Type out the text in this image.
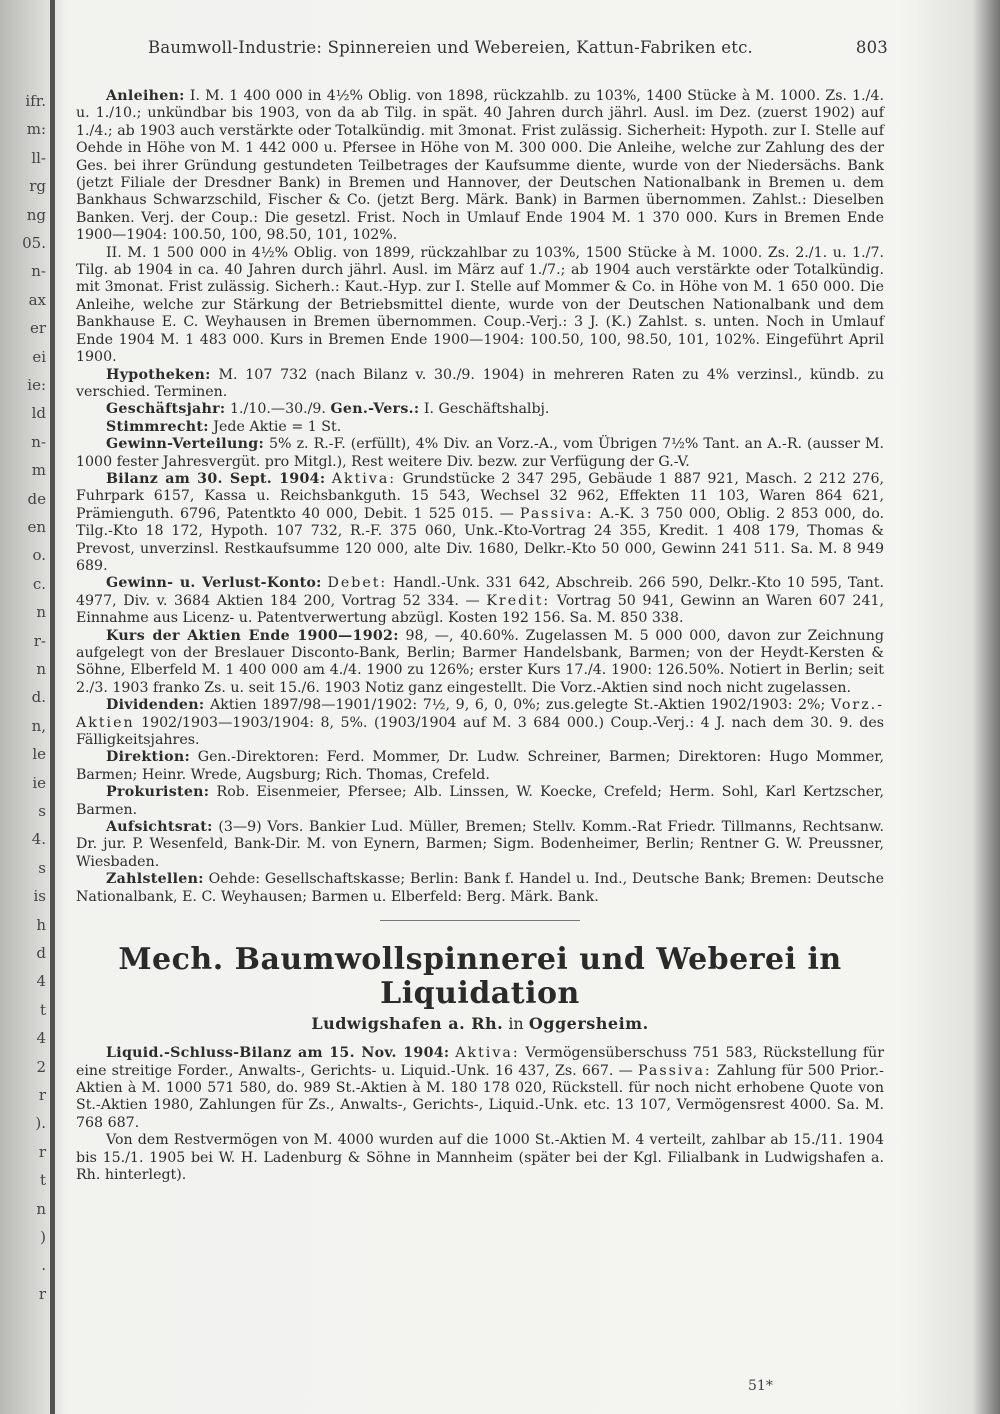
ifr.
m:
ll-
rg
ng
05.
n-
ax
er
ei
ie:
ld
n-
m
de
en
o.
c.
n
r-
n
d.
n,
le
ie
s
4.
s
is
h
d
4
t
4
2
r
).
r
t
n
)
.
r
Baumwoll-Industrie: Spinnereien und Webereien, Kattun-Fabriken etc.	803

Anleihen: I. M. 1 400 000 in 4½% Oblig. von 1898, rückzahlb. zu 103%, 1400 Stücke à M. 1000. Zs. 1./4. u. 1./10.; unkündbar bis 1903, von da ab Tilg. in spät. 40 Jahren durch jährl. Ausl. im Dez. (zuerst 1902) auf 1./4.; ab 1903 auch verstärkte oder Totalkündig. mit 3monat. Frist zulässig. Sicherheit: Hypoth. zur I. Stelle auf Oehde in Höhe von M. 1 442 000 u. Pfersee in Höhe von M. 300 000. Die Anleihe, welche zur Zahlung des der Ges. bei ihrer Gründung gestundeten Teilbetrages der Kaufsumme diente, wurde von der Niedersächs. Bank (jetzt Filiale der Dresdner Bank) in Bremen und Hannover, der Deutschen Nationalbank in Bremen u. dem Bankhaus Schwarzschild, Fischer & Co. (jetzt Berg. Märk. Bank) in Barmen übernommen. Zahlst.: Dieselben Banken. Verj. der Coup.: Die gesetzl. Frist. Noch in Umlauf Ende 1904 M. 1 370 000. Kurs in Bremen Ende 1900—1904: 100.50, 100, 98.50, 101, 102%.

II. M. 1 500 000 in 4½% Oblig. von 1899, rückzahlbar zu 103%, 1500 Stücke à M. 1000. Zs. 2./1. u. 1./7. Tilg. ab 1904 in ca. 40 Jahren durch jährl. Ausl. im März auf 1./7.; ab 1904 auch verstärkte oder Totalkündig. mit 3monat. Frist zulässig. Sicherh.: Kaut.-Hyp. zur I. Stelle auf Mommer & Co. in Höhe von M. 1 650 000. Die Anleihe, welche zur Stärkung der Betriebsmittel diente, wurde von der Deutschen Nationalbank und dem Bankhause E. C. Weyhausen in Bremen übernommen. Coup.-Verj.: 3 J. (K.) Zahlst. s. unten. Noch in Umlauf Ende 1904 M. 1 483 000. Kurs in Bremen Ende 1900—1904: 100.50, 100, 98.50, 101, 102%. Eingeführt April 1900.

Hypotheken: M. 107 732 (nach Bilanz v. 30./9. 1904) in mehreren Raten zu 4% verzinsl., kündb. zu verschied. Terminen.

Geschäftsjahr: 1./10.—30./9. Gen.-Vers.: I. Geschäftshalbj.

Stimmrecht: Jede Aktie = 1 St.

Gewinn-Verteilung: 5% z. R.-F. (erfüllt), 4% Div. an Vorz.-A., vom Übrigen 7½% Tant. an A.-R. (ausser M. 1000 fester Jahresvergüt. pro Mitgl.), Rest weitere Div. bezw. zur Verfügung der G.-V.

Bilanz am 30. Sept. 1904: Aktiva: Grundstücke 2 347 295, Gebäude 1 887 921, Masch. 2 212 276, Fuhrpark 6157, Kassa u. Reichsbankguth. 15 543, Wechsel 32 962, Effekten 11 103, Waren 864 621, Prämienguth. 6796, Patentkto 40 000, Debit. 1 525 015. — Passiva: A.-K. 3 750 000, Oblig. 2 853 000, do. Tilg.-Kto 18 172, Hypoth. 107 732, R.-F. 375 060, Unk.-Kto-Vortrag 24 355, Kredit. 1 408 179, Thomas & Prevost, unverzinsl. Restkaufsumme 120 000, alte Div. 1680, Delkr.-Kto 50 000, Gewinn 241 511. Sa. M. 8 949 689.

Gewinn- u. Verlust-Konto: Debet: Handl.-Unk. 331 642, Abschreib. 266 590, Delkr.-Kto 10 595, Tant. 4977, Div. v. 3684 Aktien 184 200, Vortrag 52 334. — Kredit: Vortrag 50 941, Gewinn an Waren 607 241, Einnahme aus Licenz- u. Patentverwertung abzügl. Kosten 192 156. Sa. M. 850 338.

Kurs der Aktien Ende 1900—1902: 98, —, 40.60%. Zugelassen M. 5 000 000, davon zur Zeichnung aufgelegt von der Breslauer Disconto-Bank, Berlin; Barmer Handelsbank, Barmen; von der Heydt-Kersten & Söhne, Elberfeld M. 1 400 000 am 4./4. 1900 zu 126%; erster Kurs 17./4. 1900: 126.50%. Notiert in Berlin; seit 2./3. 1903 franko Zs. u. seit 15./6. 1903 Notiz ganz eingestellt. Die Vorz.-Aktien sind noch nicht zugelassen.

Dividenden: Aktien 1897/98—1901/1902: 7½, 9, 6, 0, 0%; zus.gelegte St.-Aktien 1902/1903: 2%; Vorz.-Aktien 1902/1903—1903/1904: 8, 5%. (1903/1904 auf M. 3 684 000.) Coup.-Verj.: 4 J. nach dem 30. 9. des Fälligkeitsjahres.

Direktion: Gen.-Direktoren: Ferd. Mommer, Dr. Ludw. Schreiner, Barmen; Direktoren: Hugo Mommer, Barmen; Heinr. Wrede, Augsburg; Rich. Thomas, Crefeld.

Prokuristen: Rob. Eisenmeier, Pfersee; Alb. Linssen, W. Koecke, Crefeld; Herm. Sohl, Karl Kertzscher, Barmen.

Aufsichtsrat: (3—9) Vors. Bankier Lud. Müller, Bremen; Stellv. Komm.-Rat Friedr. Tillmanns, Rechtsanw. Dr. jur. P. Wesenfeld, Bank-Dir. M. von Eynern, Barmen; Sigm. Bodenheimer, Berlin; Rentner G. W. Preussner, Wiesbaden.

Zahlstellen: Oehde: Gesellschaftskasse; Berlin: Bank f. Handel u. Ind., Deutsche Bank; Bremen: Deutsche Nationalbank, E. C. Weyhausen; Barmen u. Elberfeld: Berg. Märk. Bank.

Mech. Baumwollspinnerei und Weberei in Liquidation
Ludwigshafen a. Rh. in Oggersheim.

Liquid.-Schluss-Bilanz am 15. Nov. 1904: Aktiva: Vermögensüberschuss 751 583, Rückstellung für eine streitige Forder., Anwalts-, Gerichts- u. Liquid.-Unk. 16 437, Zs. 667. — Passiva: Zahlung für 500 Prior.-Aktien à M. 1000 571 580, do. 989 St.-Aktien à M. 180 178 020, Rückstell. für noch nicht erhobene Quote von St.-Aktien 1980, Zahlungen für Zs., Anwalts-, Gerichts-, Liquid.-Unk. etc. 13 107, Vermögensrest 4000. Sa. M. 768 687.

Von dem Restvermögen von M. 4000 wurden auf die 1000 St.-Aktien M. 4 verteilt, zahlbar ab 15./11. 1904 bis 15./1. 1905 bei W. H. Ladenburg & Söhne in Mannheim (später bei der Kgl. Filialbank in Ludwigshafen a. Rh. hinterlegt).

51*
